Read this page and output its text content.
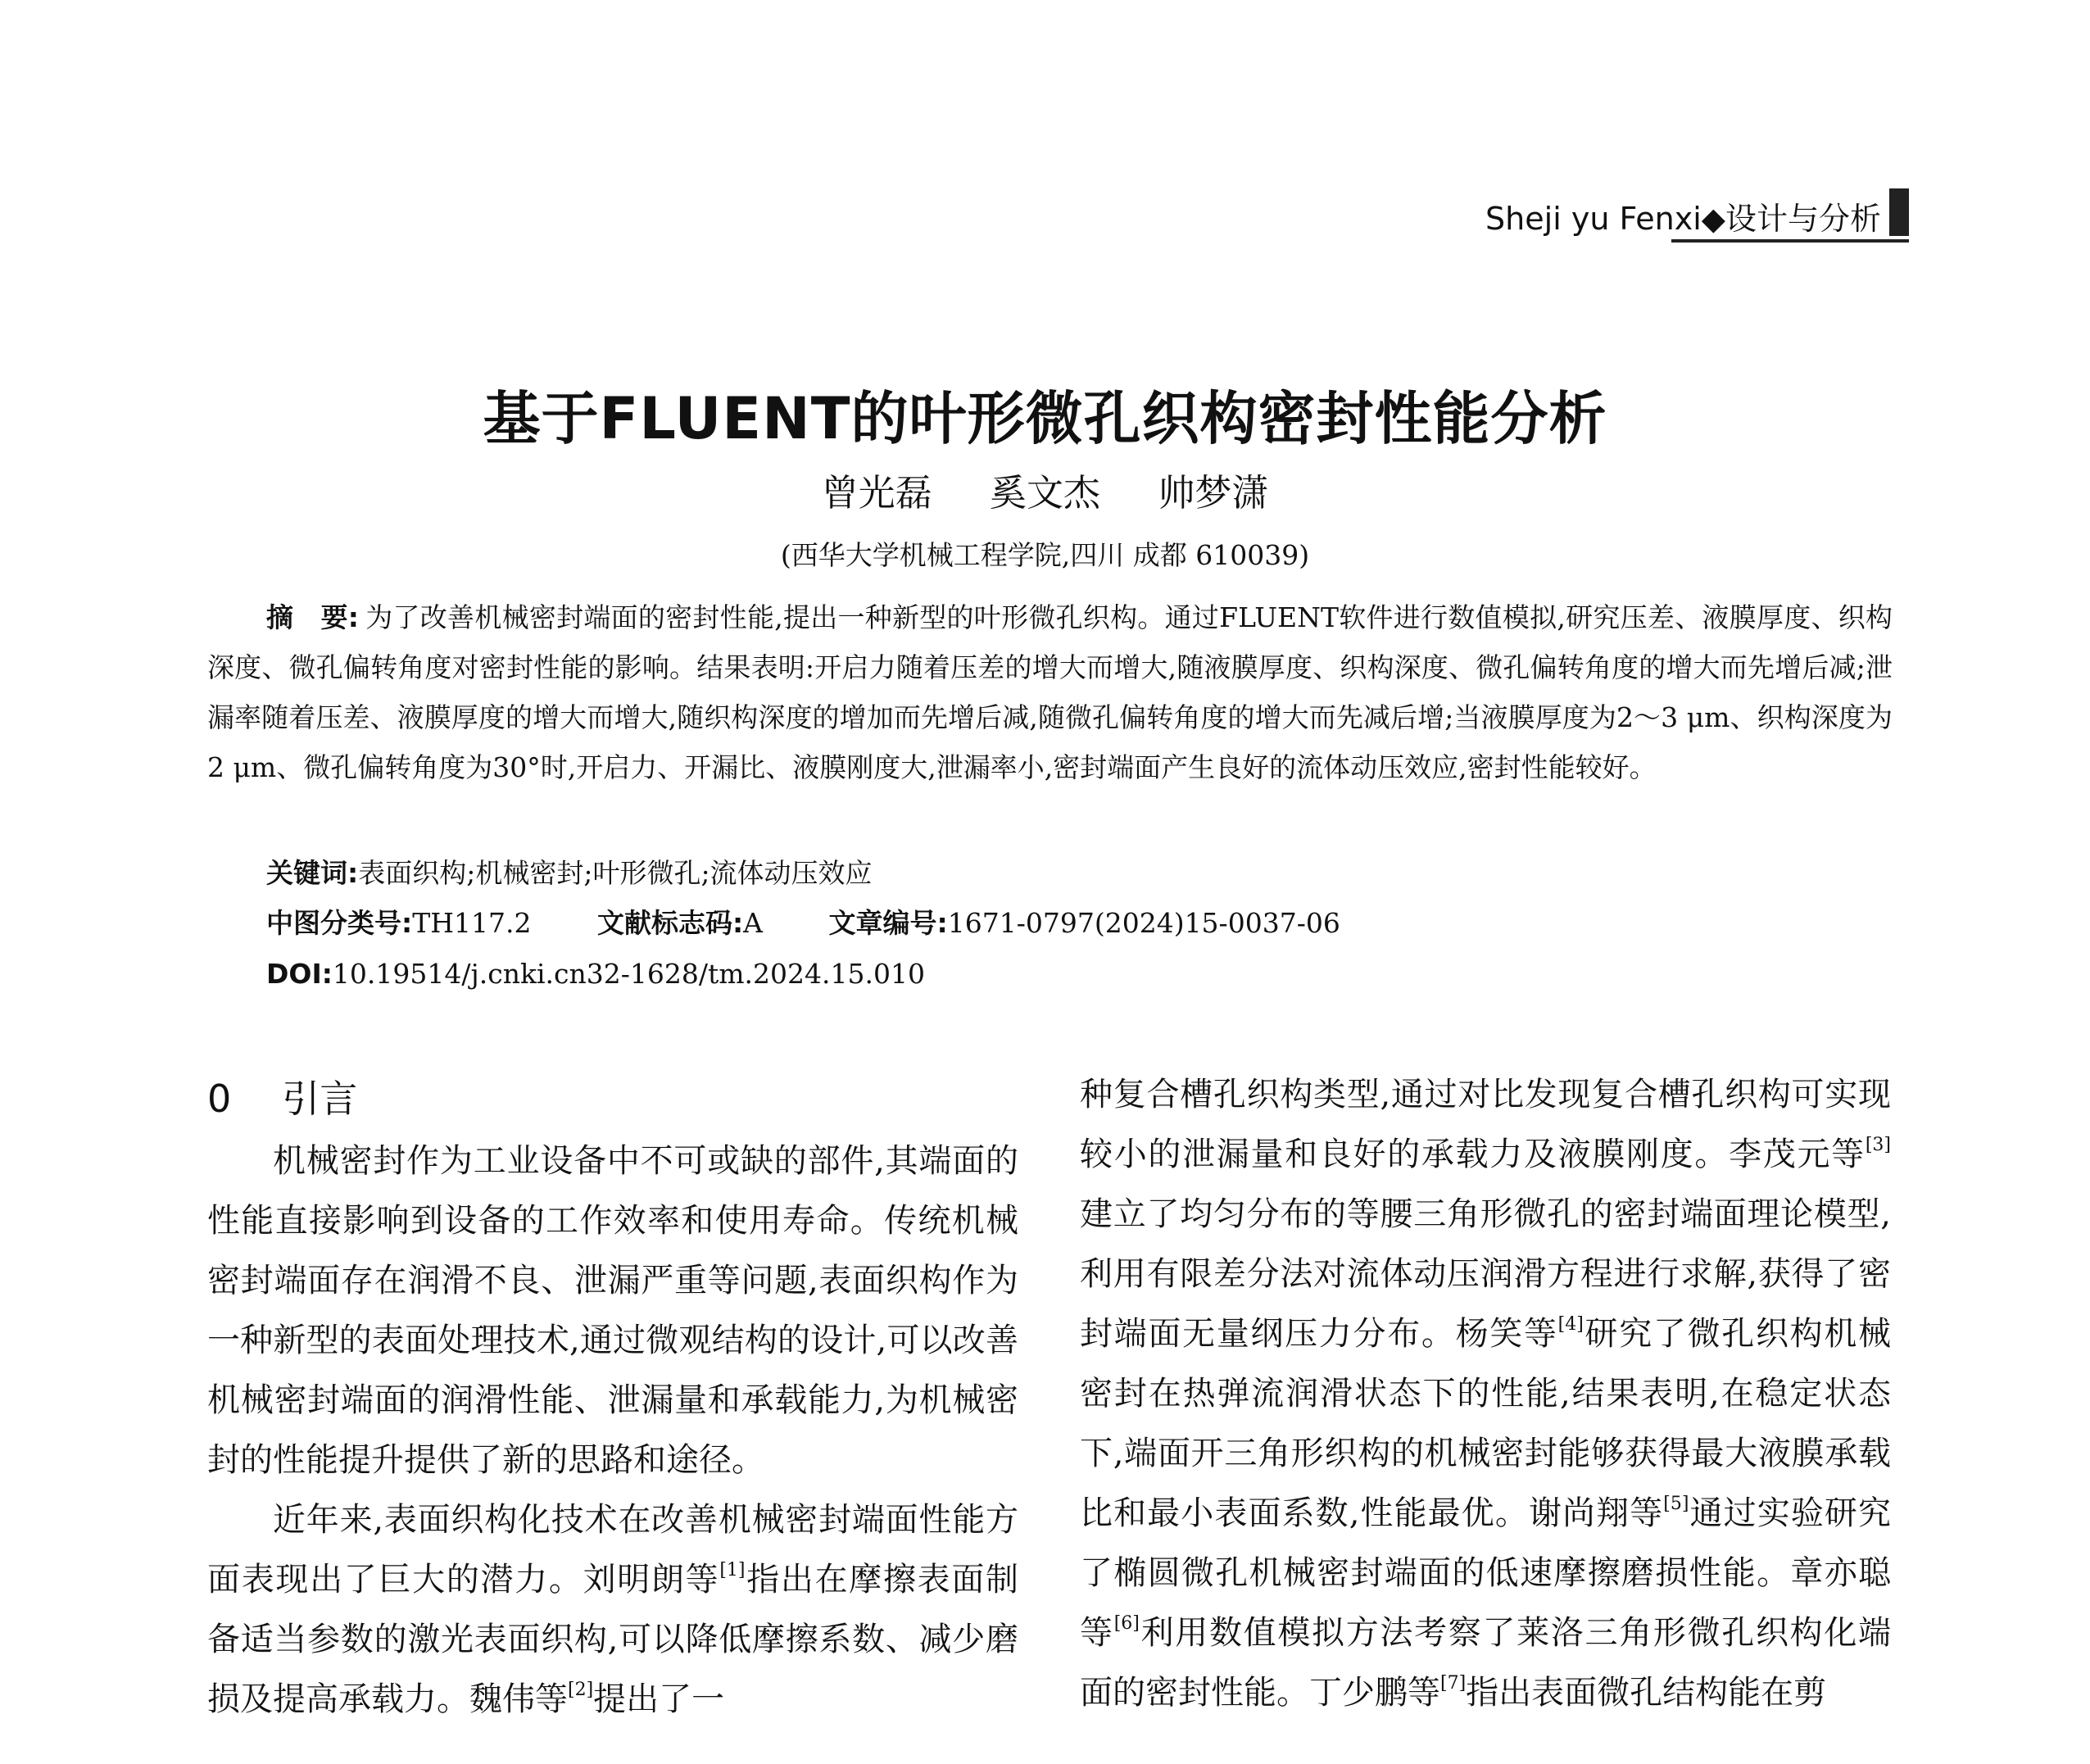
Sheji yu Fenxi◆设计与分析
基于FLUENT的叶形微孔织构密封性能分析
曾光磊 奚文杰 帅梦潇
(西华大学机械工程学院,四川 成都 610039)
摘　要: 为了改善机械密封端面的密封性能,提出一种新型的叶形微孔织构。通过FLUENT软件进行数值模拟,研究压差、液膜厚度、织构深度、微孔偏转角度对密封性能的影响。结果表明:开启力随着压差的增大而增大,随液膜厚度、织构深度、微孔偏转角度的增大而先增后减;泄漏率随着压差、液膜厚度的增大而增大,随织构深度的增加而先增后减,随微孔偏转角度的增大而先减后增;当液膜厚度为2～3 μm、织构深度为2 μm、微孔偏转角度为30°时,开启力、开漏比、液膜刚度大,泄漏率小,密封端面产生良好的流体动压效应,密封性能较好。
关键词:表面织构;机械密封;叶形微孔;流体动压效应
中图分类号:TH117.2 文献标志码:A 文章编号:1671-0797(2024)15-0037-06
DOI:10.19514/j.cnki.cn32-1628/tm.2024.15.010
0 引言

机械密封作为工业设备中不可或缺的部件,其端面的性能直接影响到设备的工作效率和使用寿命。传统机械密封端面存在润滑不良、泄漏严重等问题,表面织构作为一种新型的表面处理技术,通过微观结构的设计,可以改善机械密封端面的润滑性能、泄漏量和承载能力,为机械密封的性能提升提供了新的思路和途径。

近年来,表面织构化技术在改善机械密封端面性能方面表现出了巨大的潜力。刘明朗等[1]指出在摩擦表面制备适当参数的激光表面织构,可以降低摩擦系数、减少磨损及提高承载力。魏伟等[2]提出了一

种复合槽孔织构类型,通过对比发现复合槽孔织构可实现较小的泄漏量和良好的承载力及液膜刚度。李茂元等[3]建立了均匀分布的等腰三角形微孔的密封端面理论模型,利用有限差分法对流体动压润滑方程进行求解,获得了密封端面无量纲压力分布。杨笑等[4]研究了微孔织构机械密封在热弹流润滑状态下的性能,结果表明,在稳定状态下,端面开三角形织构的机械密封能够获得最大液膜承载比和最小表面系数,性能最优。谢尚翔等[5]通过实验研究了椭圆微孔机械密封端面的低速摩擦磨损性能。章亦聪等[6]利用数值模拟方法考察了莱洛三角形微孔织构化端面的密封性能。丁少鹏等[7]指出表面微孔结构能在剪
